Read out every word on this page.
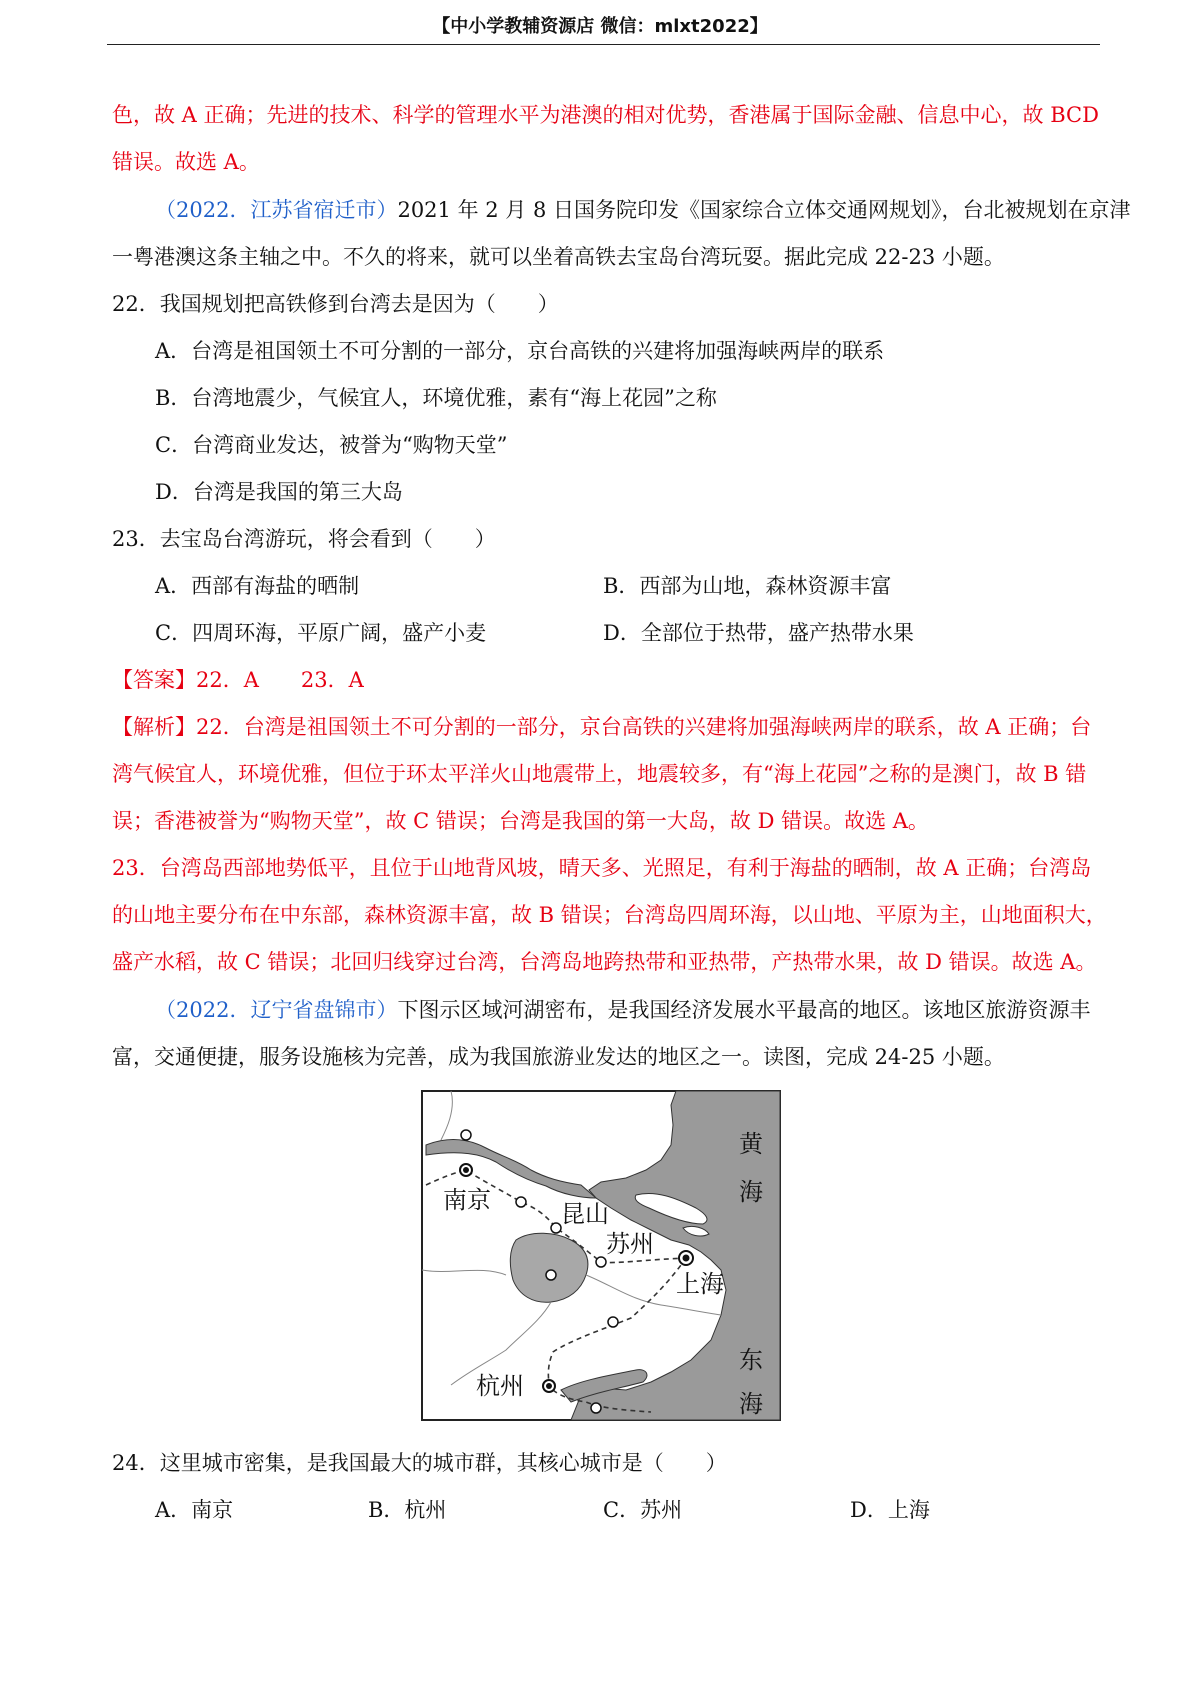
【中小学教辅资源店 微信：mlxt2022】
色，故 A 正确；先进的技术、科学的管理水平为港澳的相对优势，香港属于国际金融、信息中心，故 BCD
错误。故选 A。
（2022．江苏省宿迁市）2021 年 2 月 8 日国务院印发《国家综合立体交通网规划》，台北被规划在京津
一粤港澳这条主轴之中。不久的将来，就可以坐着高铁去宝岛台湾玩耍。据此完成 22-23 小题。
22．我国规划把高铁修到台湾去是因为（　　）
A．台湾是祖国领土不可分割的一部分，京台高铁的兴建将加强海峡两岸的联系
B．台湾地震少，气候宜人，环境优雅，素有“海上花园”之称
C．台湾商业发达，被誉为“购物天堂”
D．台湾是我国的第三大岛
23．去宝岛台湾游玩，将会看到（　　）
A．西部有海盐的晒制	B．西部为山地，森林资源丰富
C．四周环海，平原广阔，盛产小麦	D．全部位于热带，盛产热带水果
【答案】22．A　　23．A
【解析】22．台湾是祖国领土不可分割的一部分，京台高铁的兴建将加强海峡两岸的联系，故 A 正确；台
湾气候宜人，环境优雅，但位于环太平洋火山地震带上，地震较多，有“海上花园”之称的是澳门，故 B 错
误；香港被誉为“购物天堂”，故 C 错误；台湾是我国的第一大岛，故 D 错误。故选 A。
23．台湾岛西部地势低平，且位于山地背风坡，晴天多、光照足，有利于海盐的晒制，故 A 正确；台湾岛
的山地主要分布在中东部，森林资源丰富，故 B 错误；台湾岛四周环海，以山地、平原为主，山地面积大，
盛产水稻，故 C 错误；北回归线穿过台湾，台湾岛地跨热带和亚热带，产热带水果，故 D 错误。故选 A。
（2022．辽宁省盘锦市）下图示区域河湖密布，是我国经济发展水平最高的地区。该地区旅游资源丰
富，交通便捷，服务设施核为完善，成为我国旅游业发达的地区之一。读图，完成 24-25 小题。
南京	昆山
苏州
上海
杭州
黄
海
东
海
24．这里城市密集，是我国最大的城市群，其核心城市是（　　）
A．南京	B．杭州	C．苏州	D．上海
